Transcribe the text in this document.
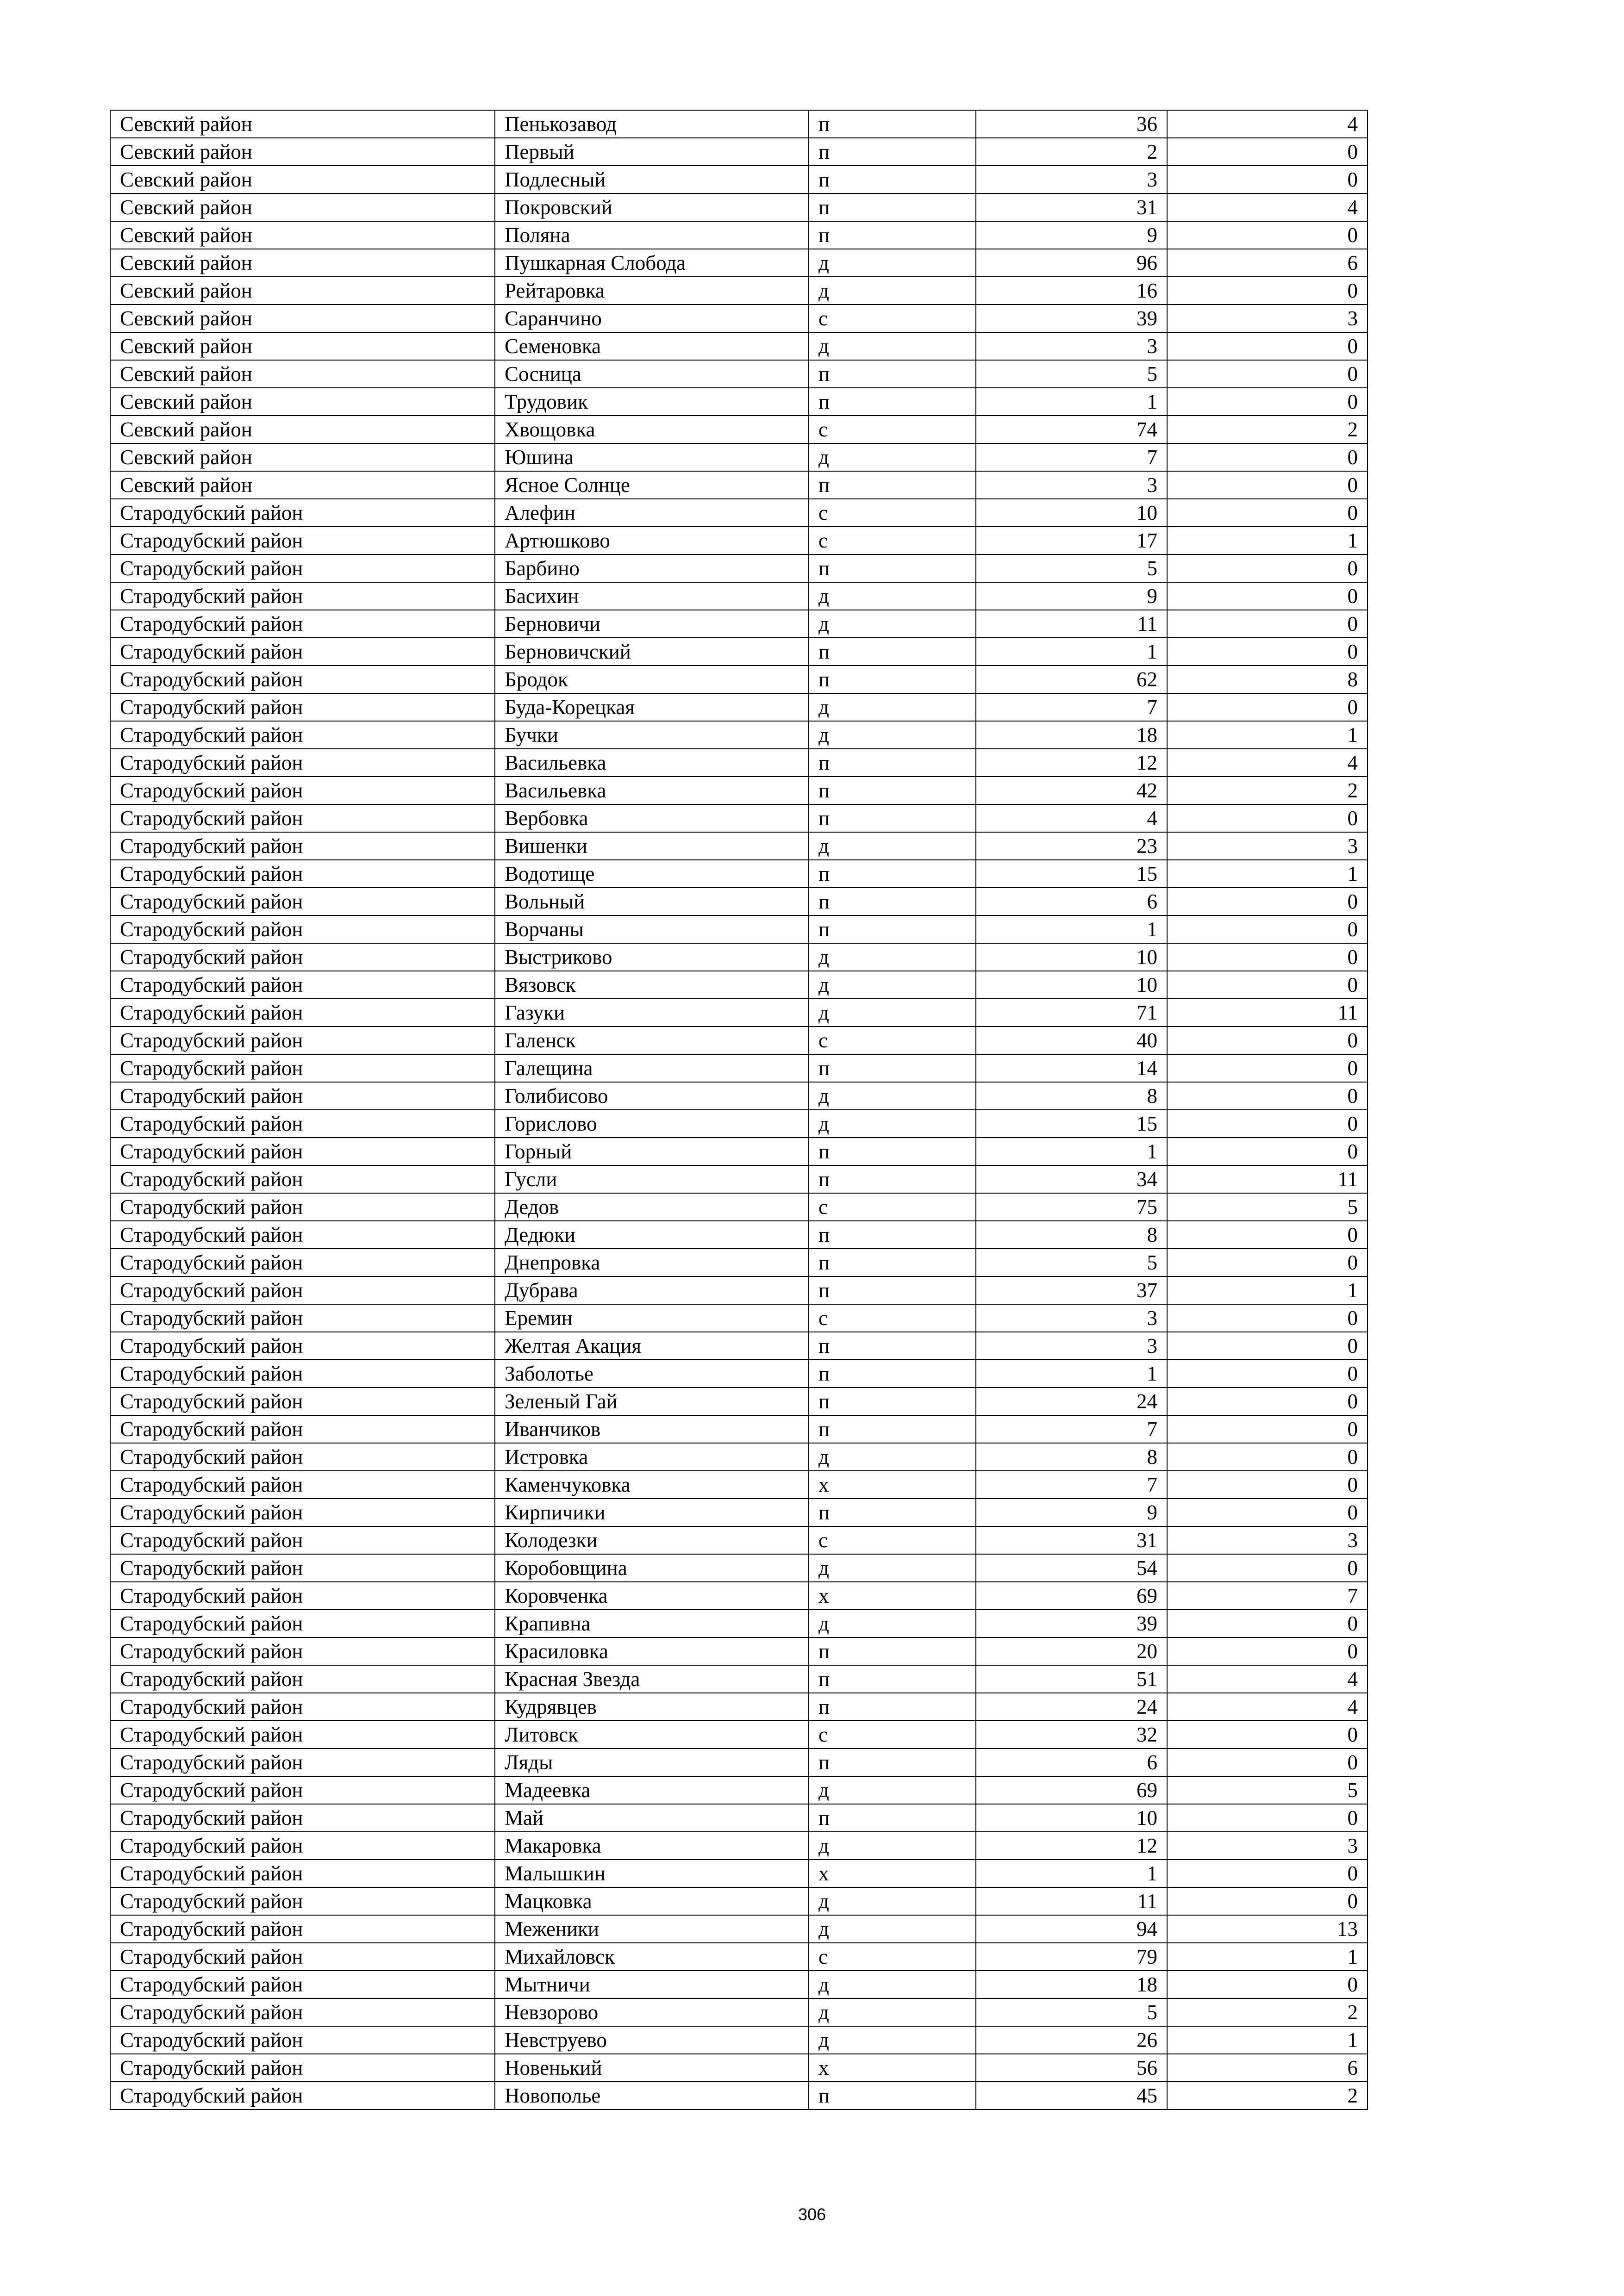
Севский район	Пенькозавод	п	36	4
Севский район	Первый	п	2	0
Севский район	Подлесный	п	3	0
Севский район	Покровский	п	31	4
Севский район	Поляна	п	9	0
Севский район	Пушкарная Слобода	д	96	6
Севский район	Рейтаровка	д	16	0
Севский район	Саранчино	с	39	3
Севский район	Семеновка	д	3	0
Севский район	Сосница	п	5	0
Севский район	Трудовик	п	1	0
Севский район	Хвощовка	с	74	2
Севский район	Юшина	д	7	0
Севский район	Ясное Солнце	п	3	0
Стародубский район	Алефин	с	10	0
Стародубский район	Артюшково	с	17	1
Стародубский район	Барбино	п	5	0
Стародубский район	Басихин	д	9	0
Стародубский район	Берновичи	д	11	0
Стародубский район	Берновичский	п	1	0
Стародубский район	Бродок	п	62	8
Стародубский район	Буда-Корецкая	д	7	0
Стародубский район	Бучки	д	18	1
Стародубский район	Васильевка	п	12	4
Стародубский район	Васильевка	п	42	2
Стародубский район	Вербовка	п	4	0
Стародубский район	Вишенки	д	23	3
Стародубский район	Водотище	п	15	1
Стародубский район	Вольный	п	6	0
Стародубский район	Ворчаны	п	1	0
Стародубский район	Выстриково	д	10	0
Стародубский район	Вязовск	д	10	0
Стародубский район	Газуки	д	71	11
Стародубский район	Галенск	с	40	0
Стародубский район	Галещина	п	14	0
Стародубский район	Голибисово	д	8	0
Стародубский район	Горислово	д	15	0
Стародубский район	Горный	п	1	0
Стародубский район	Гусли	п	34	11
Стародубский район	Дедов	с	75	5
Стародубский район	Дедюки	п	8	0
Стародубский район	Днепровка	п	5	0
Стародубский район	Дубрава	п	37	1
Стародубский район	Еремин	с	3	0
Стародубский район	Желтая Акация	п	3	0
Стародубский район	Заболотье	п	1	0
Стародубский район	Зеленый Гай	п	24	0
Стародубский район	Иванчиков	п	7	0
Стародубский район	Истровка	д	8	0
Стародубский район	Каменчуковка	х	7	0
Стародубский район	Кирпичики	п	9	0
Стародубский район	Колодезки	с	31	3
Стародубский район	Коробовщина	д	54	0
Стародубский район	Коровченка	х	69	7
Стародубский район	Крапивна	д	39	0
Стародубский район	Красиловка	п	20	0
Стародубский район	Красная Звезда	п	51	4
Стародубский район	Кудрявцев	п	24	4
Стародубский район	Литовск	с	32	0
Стародубский район	Ляды	п	6	0
Стародубский район	Мадеевка	д	69	5
Стародубский район	Май	п	10	0
Стародубский район	Макаровка	д	12	3
Стародубский район	Малышкин	х	1	0
Стародубский район	Мацковка	д	11	0
Стародубский район	Меженики	д	94	13
Стародубский район	Михайловск	с	79	1
Стародубский район	Мытничи	д	18	0
Стародубский район	Невзорово	д	5	2
Стародубский район	Невструево	д	26	1
Стародубский район	Новенький	х	56	6
Стародубский район	Новополье	п	45	2
306
